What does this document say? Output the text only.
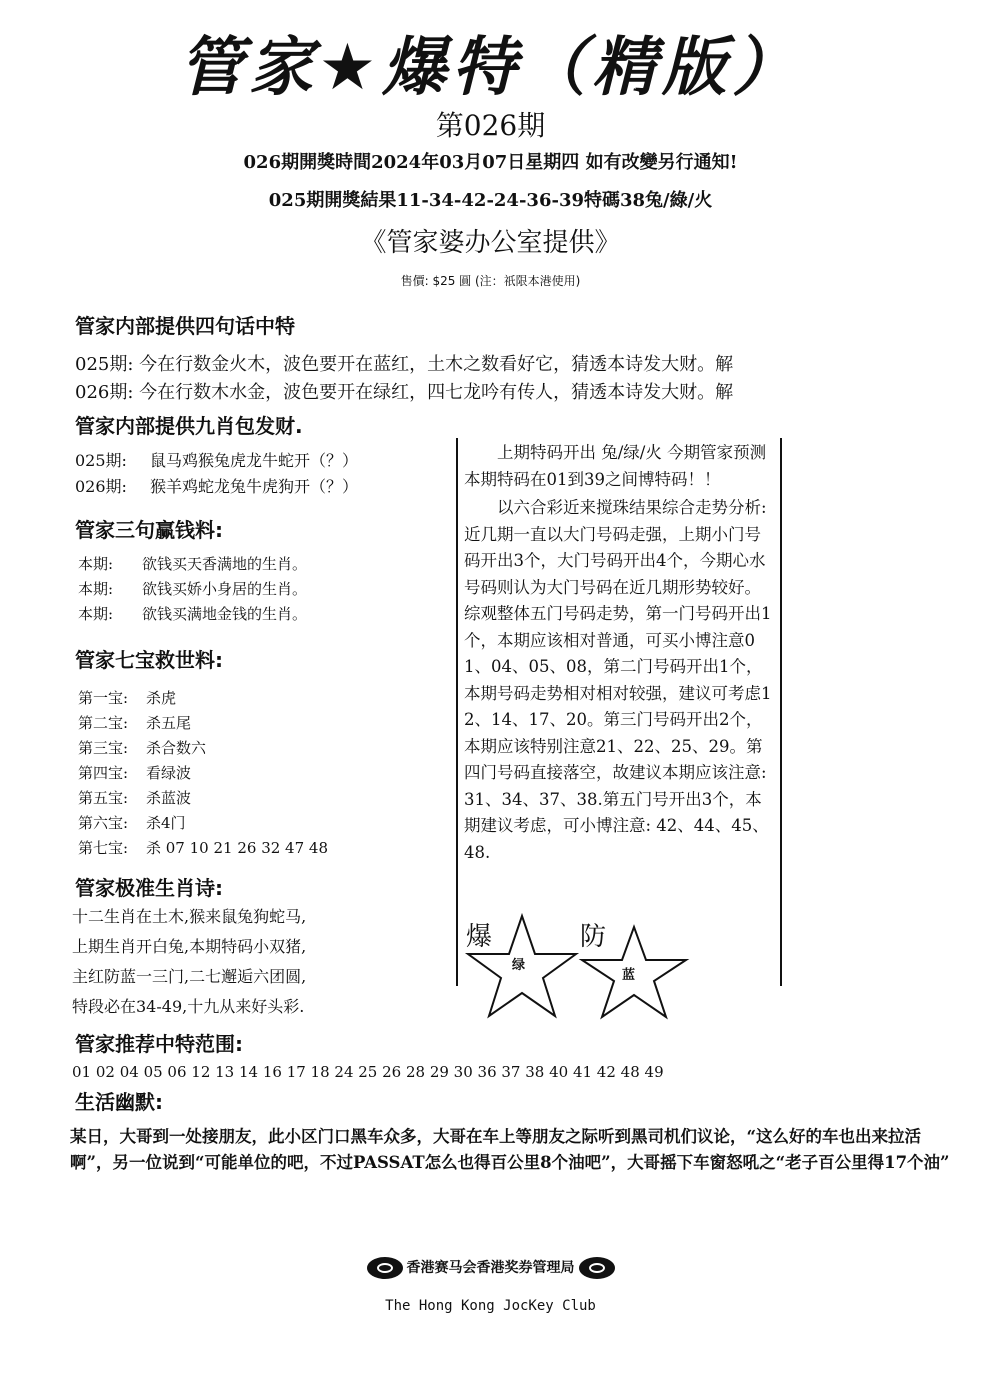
管家★爆特（精版）
第026期
026期開獎時間2024年03月07日星期四 如有改變另行通知!
025期開獎結果11-34-42-24-36-39特碼38兔/綠/火
《管家婆办公室提供》
售價: $25 圓 (注：祇限本港使用)
管家内部提供四句话中特
025期: 今在行数金火木，波色要开在蓝红，土木之数看好它，猜透本诗发大财。解
026期: 今在行数木水金，波色要开在绿红，四七龙吟有传人，猜透本诗发大财。解
管家内部提供九肖包发财.
025期:	鼠马鸡猴兔虎龙牛蛇开（？）
026期:	猴羊鸡蛇龙兔牛虎狗开（？）
管家三句赢钱料:
本期: 欲钱买天香满地的生肖。
本期: 欲钱买娇小身居的生肖。
本期: 欲钱买满地金钱的生肖。
管家七宝救世料:
第一宝: 杀虎
第二宝: 杀五尾
第三宝: 杀合数六
第四宝: 看绿波
第五宝: 杀蓝波
第六宝: 杀4门
第七宝: 杀 07 10 21 26 32 47 48
管家极准生肖诗:
十二生肖在土木,猴来鼠兔狗蛇马,
上期生肖开白兔,本期特码小双猪,
主红防蓝一三门,二七邂逅六团圆,
特段必在34-49,十九从来好头彩.
上期特码开出 兔/绿/火 今期管家预测本期特码在01到39之间博特码！！
以六合彩近来搅珠结果综合走势分析: 近几期一直以大门号码走强，上期小门号码开出3个，大门号码开出4个，今期心水号码则认为大门号码在近几期形势较好。综观整体五门号码走势，第一门号码开出1个，本期应该相对普通，可买小博注意01、04、05、08，第二门号码开出1个，本期号码走势相对相对较强，建议可考虑12、14、17、20。第三门号码开出2个，本期应该特别注意21、22、25、29。第四门号码直接落空，故建议本期应该注意: 31、34、37、38.第五门号开出3个，本期建议考虑，可小博注意: 42、44、45、48.
爆
绿
防
蓝
管家推荐中特范围:
01 02 04 05 06 12 13 14 16 17 18 24 25 26 28 29 30 36 37 38 40 41 42 48 49
生活幽默:
某日，大哥到一处接朋友，此小区门口黑车众多，大哥在车上等朋友之际听到黑司机们议论，“这么好的车也出来拉活啊”，另一位说到“可能单位的吧，不过PASSAT怎么也得百公里8个油吧”，大哥摇下车窗怒吼之“老子百公里得17个油”
香港赛马会香港奖券管理局
The Hong Kong JocKey Club
